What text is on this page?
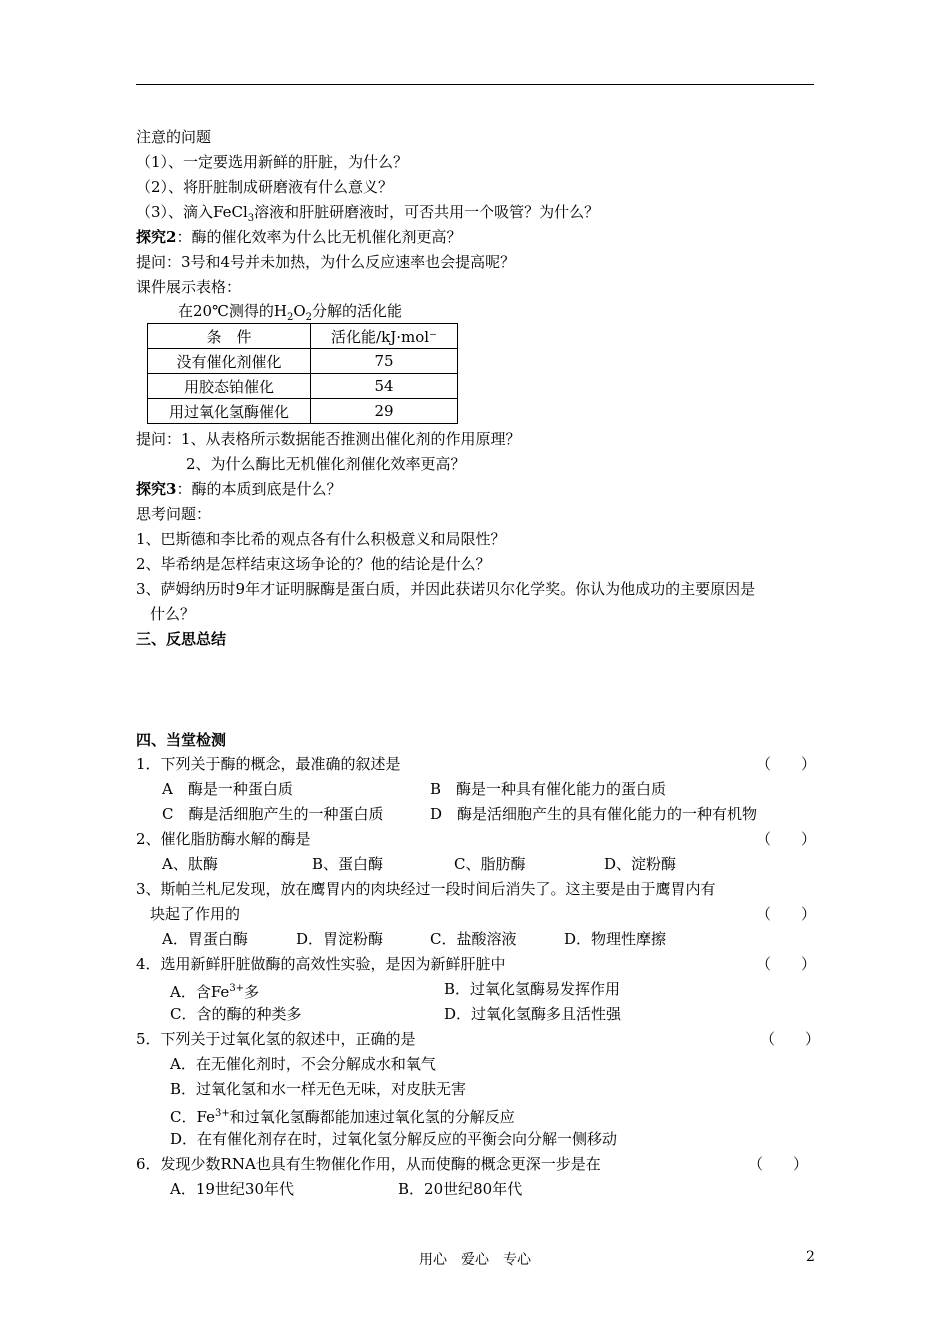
注意的问题
（1）、一定要选用新鲜的肝脏，为什么？
（2）、将肝脏制成研磨液有什么意义？
（3）、滴入FeCl$_3$溶液和肝脏研磨液时，可否共用一个吸管？为什么？
探究2：酶的催化效率为什么比无机催化剂更高？
提问：3号和4号并未加热，为什么反应速率也会提高呢？
课件展示表格：
在20℃测得的$H_2O_2$分解的活化能
条　件	活化能/kJ·mol⁻
没有催化剂催化	75
用胶态铂催化	54
用过氧化氢酶催化	29
提问：1、从表格所示数据能否推测出催化剂的作用原理？
2、为什么酶比无机催化剂催化效率更高？
探究3：酶的本质到底是什么？
思考问题：
1、巴斯德和李比希的观点各有什么积极意义和局限性？
2、毕希纳是怎样结束这场争论的？他的结论是什么？
3、萨姆纳历时9年才证明脲酶是蛋白质，并因此获诺贝尔化学奖。你认为他成功的主要原因是
什么？
三、反思总结
四、当堂检测
1．下列关于酶的概念，最准确的叙述是	（　　）
A　酶是一种蛋白质	B　酶是一种具有催化能力的蛋白质
C　酶是活细胞产生的一种蛋白质	D　酶是活细胞产生的具有催化能力的一种有机物
2、催化脂肪酶水解的酶是	（　　）
A、肽酶	B、蛋白酶	C、脂肪酶	D、淀粉酶
3、斯帕兰札尼发现，放在鹰胃内的肉块经过一段时间后消失了。这主要是由于鹰胃内有
块起了作用的	（　　）
A．胃蛋白酶	D．胃淀粉酶	C．盐酸溶液	D．物理性摩擦
4．选用新鲜肝脏做酶的高效性实验，是因为新鲜肝脏中	（　　）
A．含$Fe^{3+}$多	B．过氧化氢酶易发挥作用
C．含的酶的种类多	D．过氧化氢酶多且活性强
5．下列关于过氧化氢的叙述中，正确的是	（　　）
A．在无催化剂时，不会分解成水和氧气
B．过氧化氢和水一样无色无味，对皮肤无害
C．$Fe^{3+}$和过氧化氢酶都能加速过氧化氢的分解反应
D．在有催化剂存在时，过氧化氢分解反应的平衡会向分解一侧移动
6．发现少数RNA也具有生物催化作用，从而使酶的概念更深一步是在	（　　）
A．19世纪30年代	B．20世纪80年代
用心　爱心　专心	2
